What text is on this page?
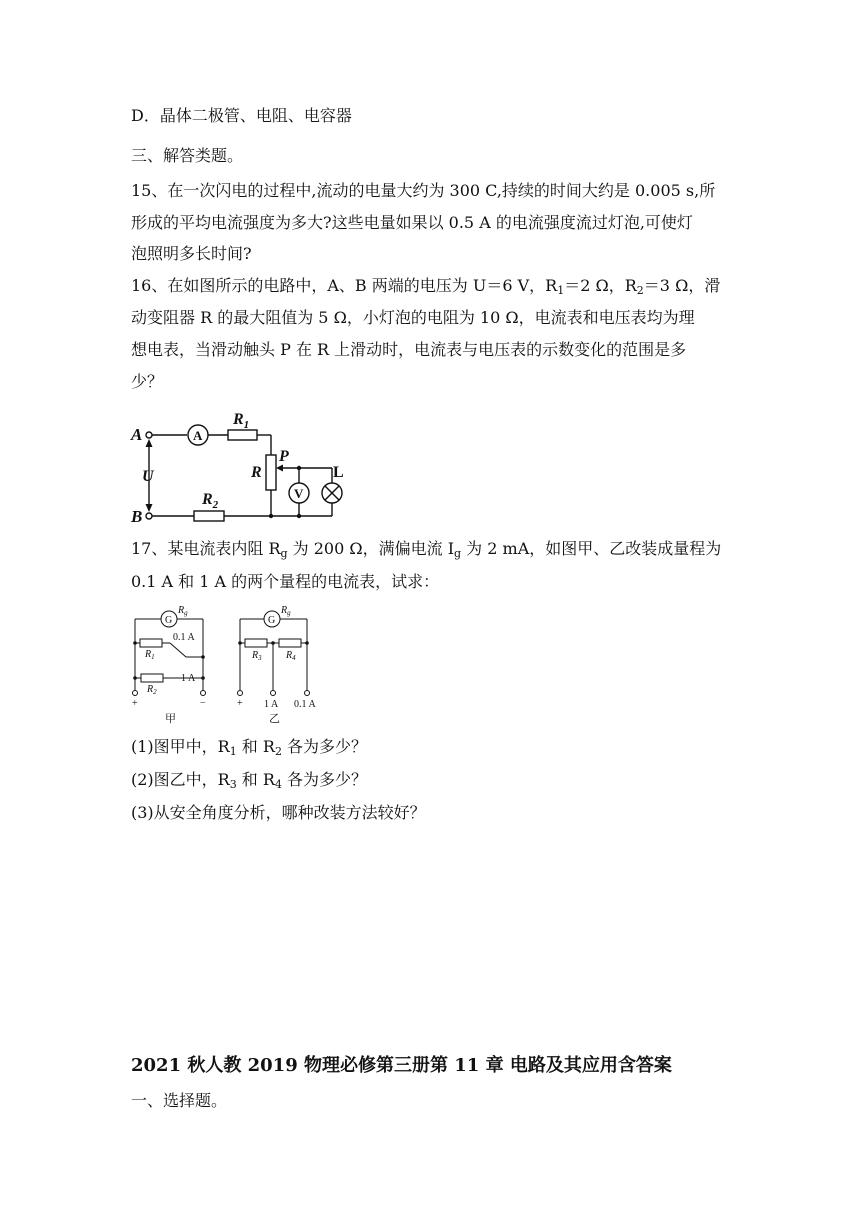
D．晶体二极管、电阻、电容器
三、解答类题。
15、在一次闪电的过程中,流动的电量大约为 300 C,持续的时间大约是 0.005 s,所
形成的平均电流强度为多大?这些电量如果以 0.5 A 的电流强度流过灯泡,可使灯
泡照明多长时间?
16、在如图所示的电路中，A、B 两端的电压为 U＝6 V，$R_1=2$ Ω，$R_2=3$ Ω，滑
动变阻器 R 的最大阻值为 5 Ω，小灯泡的电阻为 10 Ω，电流表和电压表均为理
想电表，当滑动触头 P 在 R 上滑动时，电流表与电压表的示数变化的范围是多
少？
A
B
U
A
V
$R_1$
$R_2$
R
P
L
17、某电流表内阻 $R_g$ 为 200 Ω，满偏电流 $I_g$ 为 2 mA，如图甲、乙改装成量程为
0.1 A 和 1 A 的两个量程的电流表，试求：
G
$R_g$
$R_1$
$R_2$
0.1 A
1 A
+	−
甲
G
$R_g$
$R_3$ $R_4$
+ 1 A 0.1 A
乙
(1)图甲中，$R_1$ 和 $R_2$ 各为多少？
(2)图乙中，$R_3$ 和 $R_4$ 各为多少？
(3)从安全角度分析，哪种改装方法较好？
2021 秋人教 2019 物理必修第三册第 11 章 电路及其应用含答案
一、选择题。
